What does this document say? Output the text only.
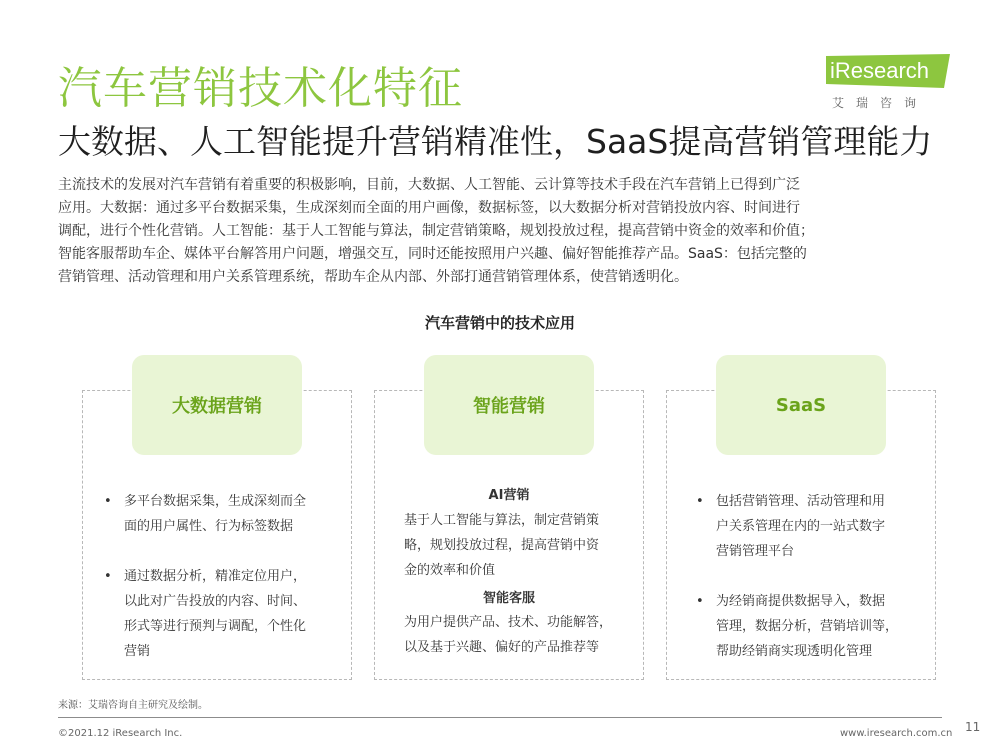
汽车营销技术化特征
大数据、人工智能提升营销精准性，SaaS提高营销管理能力
iResearch
艾瑞咨询
主流技术的发展对汽车营销有着重要的积极影响，目前，大数据、人工智能、云计算等技术手段在汽车营销上已得到广泛
应用。大数据：通过多平台数据采集，生成深刻而全面的用户画像，数据标签，以大数据分析对营销投放内容、时间进行
调配，进行个性化营销。人工智能：基于人工智能与算法，制定营销策略，规划投放过程，提高营销中资金的效率和价值；
智能客服帮助车企、媒体平台解答用户问题，增强交互，同时还能按照用户兴趣、偏好智能推荐产品。SaaS：包括完整的
营销管理、活动管理和用户关系管理系统，帮助车企从内部、外部打通营销管理体系，使营销透明化。
汽车营销中的技术应用
大数据营销
• 多平台数据采集，生成深刻而全
面的用户属性、行为标签数据
• 通过数据分析，精准定位用户，
以此对广告投放的内容、时间、
形式等进行预判与调配，个性化
营销
智能营销
AI营销
基于人工智能与算法，制定营销策
略，规划投放过程，提高营销中资
金的效率和价值
智能客服
为用户提供产品、技术、功能解答，
以及基于兴趣、偏好的产品推荐等
SaaS
• 包括营销管理、活动管理和用
户关系管理在内的一站式数字
营销管理平台
• 为经销商提供数据导入，数据
管理，数据分析，营销培训等，
帮助经销商实现透明化管理
来源：艾瑞咨询自主研究及绘制。
©2021.12 iResearch Inc.	www.iresearch.com.cn 11
